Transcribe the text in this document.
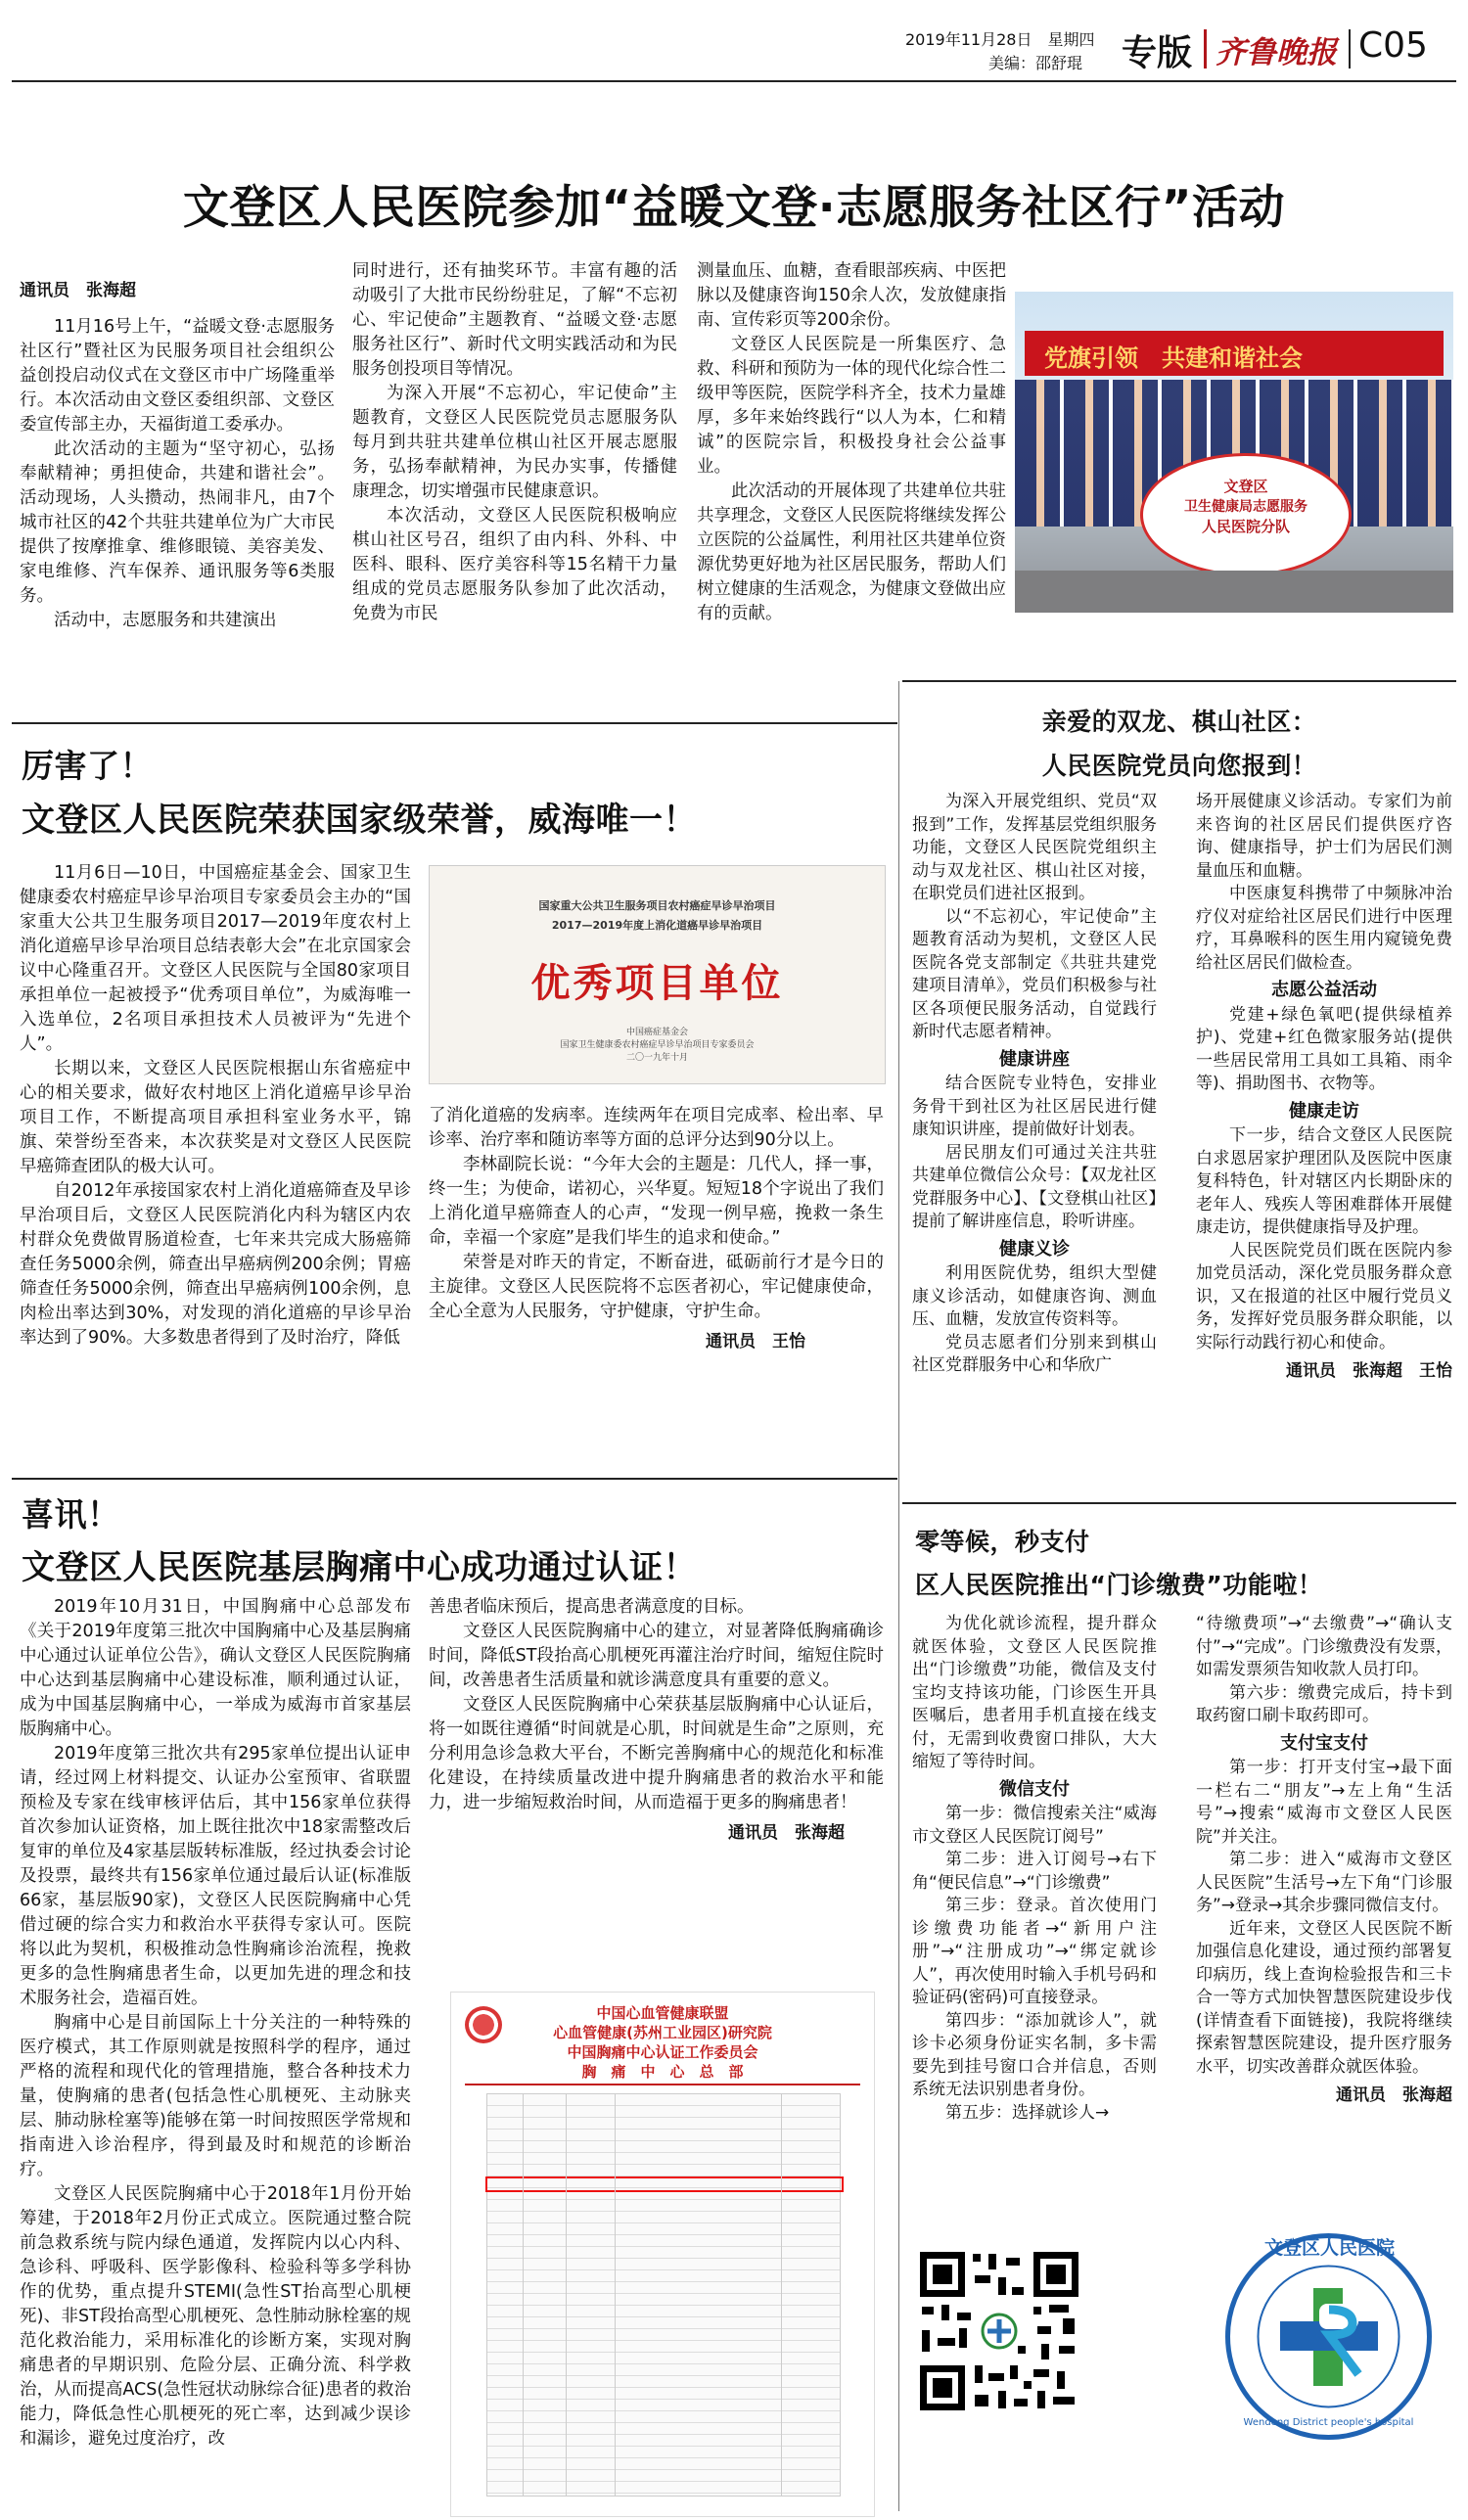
2019年11月28日　星期四
美编：邵舒琨 专版 齐鲁晚报 C05
文登区人民医院参加“益暖文登·志愿服务社区行”活动
通讯员　张海超

11月16号上午，“益暖文登·志愿服务社区行”暨社区为民服务项目社会组织公益创投启动仪式在文登区市中广场隆重举行。本次活动由文登区委组织部、文登区委宣传部主办，天福街道工委承办。

此次活动的主题为“坚守初心，弘扬奉献精神；勇担使命，共建和谐社会”。活动现场，人头攒动，热闹非凡，由7个城市社区的42个共驻共建单位为广大市民提供了按摩推拿、维修眼镜、美容美发、家电维修、汽车保养、通讯服务等6类服务。

活动中，志愿服务和共建演出

同时进行，还有抽奖环节。丰富有趣的活动吸引了大批市民纷纷驻足，了解“不忘初心、牢记使命”主题教育、“益暖文登·志愿服务社区行”、新时代文明实践活动和为民服务创投项目等情况。

为深入开展“不忘初心，牢记使命”主题教育，文登区人民医院党员志愿服务队每月到共驻共建单位棋山社区开展志愿服务，弘扬奉献精神，为民办实事，传播健康理念，切实增强市民健康意识。

本次活动，文登区人民医院积极响应棋山社区号召，组织了由内科、外科、中医科、眼科、医疗美容科等15名精干力量组成的党员志愿服务队参加了此次活动，免费为市民

测量血压、血糖，查看眼部疾病、中医把脉以及健康咨询150余人次，发放健康指南、宣传彩页等200余份。

文登区人民医院是一所集医疗、急救、科研和预防为一体的现代化综合性二级甲等医院，医院学科齐全，技术力量雄厚，多年来始终践行“以人为本，仁和精诚”的医院宗旨，积极投身社会公益事业。

此次活动的开展体现了共建单位共驻共享理念，文登区人民医院将继续发挥公立医院的公益属性，利用社区共建单位资源优势更好地为社区居民服务，帮助人们树立健康的生活观念，为健康文登做出应有的贡献。

党旗引领　共建和谐社会
文登区
卫生健康局志愿服务
人民医院分队
厉害了！
文登区人民医院荣获国家级荣誉，威海唯一！

11月6日—10日，中国癌症基金会、国家卫生健康委农村癌症早诊早治项目专家委员会主办的“国家重大公共卫生服务项目2017—2019年度农村上消化道癌早诊早治项目总结表彰大会”在北京国家会议中心隆重召开。文登区人民医院与全国80家项目承担单位一起被授予“优秀项目单位”，为威海唯一入选单位，2名项目承担技术人员被评为“先进个人”。

长期以来，文登区人民医院根据山东省癌症中心的相关要求，做好农村地区上消化道癌早诊早治项目工作，不断提高项目承担科室业务水平，锦旗、荣誉纷至沓来，本次获奖是对文登区人民医院早癌筛查团队的极大认可。

自2012年承接国家农村上消化道癌筛查及早诊早治项目后，文登区人民医院消化内科为辖区内农村群众免费做胃肠道检查，七年来共完成大肠癌筛查任务5000余例，筛查出早癌病例200余例；胃癌筛查任务5000余例，筛查出早癌病例100余例，息肉检出率达到30%，对发现的消化道癌的早诊早治率达到了90%。大多数患者得到了及时治疗，降低

国家重大公共卫生服务项目农村癌症早诊早治项目
2017—2019年度上消化道癌早诊早治项目
优秀项目单位
中国癌症基金会
国家卫生健康委农村癌症早诊早治项目专家委员会
二〇一九年十月

了消化道癌的发病率。连续两年在项目完成率、检出率、早诊率、治疗率和随访率等方面的总评分达到90分以上。

李林副院长说：“今年大会的主题是：几代人，择一事，终一生；为使命，诺初心，兴华夏。短短18个字说出了我们上消化道早癌筛查人的心声，“发现一例早癌，挽救一条生命，幸福一个家庭”是我们毕生的追求和使命。”

荣誉是对昨天的肯定，不断奋进，砥砺前行才是今日的主旋律。文登区人民医院将不忘医者初心，牢记健康使命，全心全意为人民服务，守护健康，守护生命。

通讯员　王怡
喜讯！
文登区人民医院基层胸痛中心成功通过认证！

2019年10月31日，中国胸痛中心总部发布《关于2019年度第三批次中国胸痛中心及基层胸痛中心通过认证单位公告》，确认文登区人民医院胸痛中心达到基层胸痛中心建设标准，顺利通过认证，成为中国基层胸痛中心，一举成为威海市首家基层版胸痛中心。

2019年度第三批次共有295家单位提出认证申请，经过网上材料提交、认证办公室预审、省联盟预检及专家在线审核评估后，其中156家单位获得首次参加认证资格，加上既往批次中18家需整改后复审的单位及4家基层版转标准版，经过执委会讨论及投票，最终共有156家单位通过最后认证(标准版66家，基层版90家)，文登区人民医院胸痛中心凭借过硬的综合实力和救治水平获得专家认可。医院将以此为契机，积极推动急性胸痛诊治流程，挽救更多的急性胸痛患者生命，以更加先进的理念和技术服务社会，造福百姓。

胸痛中心是目前国际上十分关注的一种特殊的医疗模式，其工作原则就是按照科学的程序，通过严格的流程和现代化的管理措施，整合各种技术力量，使胸痛的患者(包括急性心肌梗死、主动脉夹层、肺动脉栓塞等)能够在第一时间按照医学常规和指南进入诊治程序，得到最及时和规范的诊断治疗。

文登区人民医院胸痛中心于2018年1月份开始筹建，于2018年2月份正式成立。医院通过整合院前急救系统与院内绿色通道，发挥院内以心内科、急诊科、呼吸科、医学影像科、检验科等多学科协作的优势，重点提升STEMI(急性ST抬高型心肌梗死)、非ST段抬高型心肌梗死、急性肺动脉栓塞的规范化救治能力，采用标准化的诊断方案，实现对胸痛患者的早期识别、危险分层、正确分流、科学救治，从而提高ACS(急性冠状动脉综合征)患者的救治能力，降低急性心肌梗死的死亡率，达到减少误诊和漏诊，避免过度治疗，改

善患者临床预后，提高患者满意度的目标。

文登区人民医院胸痛中心的建立，对显著降低胸痛确诊时间，降低ST段抬高心肌梗死再灌注治疗时间，缩短住院时间，改善患者生活质量和就诊满意度具有重要的意义。

文登区人民医院胸痛中心荣获基层版胸痛中心认证后，将一如既往遵循“时间就是心肌，时间就是生命”之原则，充分利用急诊急救大平台，不断完善胸痛中心的规范化和标准化建设，在持续质量改进中提升胸痛患者的救治水平和能力，进一步缩短救治时间，从而造福于更多的胸痛患者！

通讯员　张海超
中国心血管健康联盟
心血管健康(苏州工业园区)研究院
中国胸痛中心认证工作委员会
胸　痛　中　心　总　部
亲爱的双龙、棋山社区：
人民医院党员向您报到！

为深入开展党组织、党员“双报到”工作，发挥基层党组织服务功能，文登区人民医院党组织主动与双龙社区、棋山社区对接，在职党员们进社区报到。

以“不忘初心，牢记使命”主题教育活动为契机，文登区人民医院各党支部制定《共驻共建党建项目清单》，党员们积极参与社区各项便民服务活动，自觉践行新时代志愿者精神。

健康讲座

结合医院专业特色，安排业务骨干到社区为社区居民进行健康知识讲座，提前做好计划表。

居民朋友们可通过关注共驻共建单位微信公众号：【双龙社区党群服务中心】、【文登棋山社区】提前了解讲座信息，聆听讲座。

健康义诊

利用医院优势，组织大型健康义诊活动，如健康咨询、测血压、血糖，发放宣传资料等。

党员志愿者们分别来到棋山社区党群服务中心和华欣广

场开展健康义诊活动。专家们为前来咨询的社区居民们提供医疗咨询、健康指导，护士们为居民们测量血压和血糖。

中医康复科携带了中频脉冲治疗仪对症给社区居民们进行中医理疗，耳鼻喉科的医生用内窥镜免费给社区居民们做检查。

志愿公益活动

党建+绿色氧吧(提供绿植养护)、党建+红色微家服务站(提供一些居民常用工具如工具箱、雨伞等)、捐助图书、衣物等。

健康走访

下一步，结合文登区人民医院白求恩居家护理团队及医院中医康复科特色，针对辖区内长期卧床的老年人、残疾人等困难群体开展健康走访，提供健康指导及护理。

人民医院党员们既在医院内参加党员活动，深化党员服务群众意识，又在报道的社区中履行党员义务，发挥好党员服务群众职能，以实际行动践行初心和使命。

通讯员　张海超　王怡
零等候，秒支付
区人民医院推出“门诊缴费”功能啦！

为优化就诊流程，提升群众就医体验，文登区人民医院推出“门诊缴费”功能，微信及支付宝均支持该功能，门诊医生开具医嘱后，患者用手机直接在线支付，无需到收费窗口排队，大大缩短了等待时间。

微信支付

第一步：微信搜索关注“威海市文登区人民医院订阅号”

第二步：进入订阅号→右下角“便民信息”→“门诊缴费”

第三步：登录。首次使用门诊缴费功能者→“新用户注册”→“注册成功”→“绑定就诊人”，再次使用时输入手机号码和验证码(密码)可直接登录。

第四步：“添加就诊人”，就诊卡必须身份证实名制，多卡需要先到挂号窗口合并信息，否则系统无法识别患者身份。

第五步：选择就诊人→

“待缴费项”→“去缴费”→“确认支付”→“完成”。门诊缴费没有发票，如需发票须告知收款人员打印。

第六步：缴费完成后，持卡到取药窗口刷卡取药即可。

支付宝支付

第一步：打开支付宝→最下面一栏右二“朋友”→左上角“生活号”→搜索“威海市文登区人民医院”并关注。

第二步：进入“威海市文登区人民医院”生活号→左下角“门诊服务”→登录→其余步骤同微信支付。

近年来，文登区人民医院不断加强信息化建设，通过预约部署复印病历，线上查询检验报告和三卡合一等方式加快智慧医院建设步伐(详情查看下面链接)，我院将继续探索智慧医院建设，提升医疗服务水平，切实改善群众就医体验。

通讯员　张海超
文登区人民医院
Wendeng District people's hospital
